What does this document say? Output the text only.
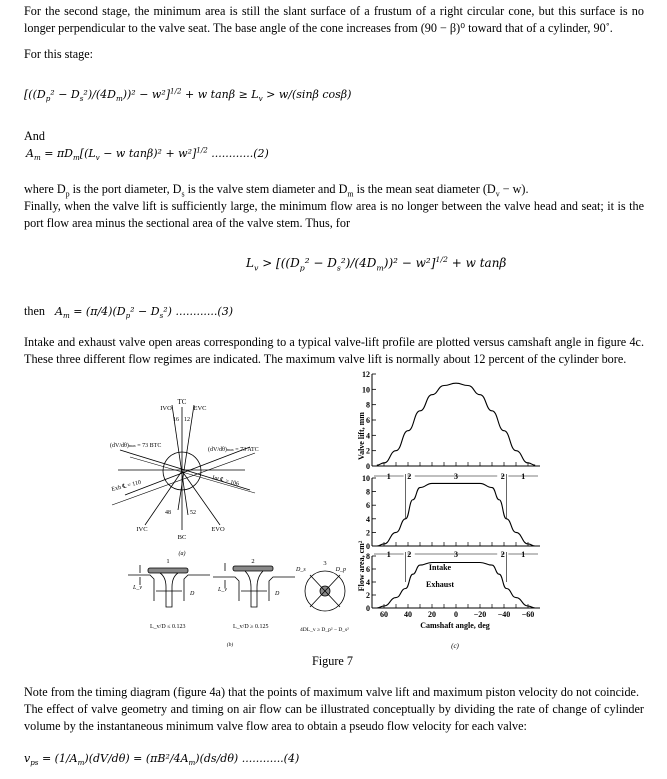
For the second stage, the minimum area is still the slant surface of a frustum of a right circular cone, but this surface is no longer perpendicular to the valve seat. The base angle of the cone increases from (90 − β)⁰ toward that of a cylinder, 90˚.
For this stage:
$[((D_p^2 - D_s^2)/(4D_m))^2 - w^2]^{1/2} + w$ $\tan\beta \ge L_v > w/(\sin\beta$ cosβ)
And
$A_m = \pi D_m[(L_v - w$ tanβ)² + w²]$^{1/2}$ ............(2)
where $D_p$ is the port diameter, $D_s$ is the valve stem diameter and $D_m$ is the mean seat diameter $(D_v - w)$.
Finally, when the valve lift is sufficiently large, the minimum flow area is no longer between the valve head and seat; it is the port flow area minus the sectional area of the valve stem. Thus, for
$L_v > [((D_p^2 - D_s^2)/(4D_m))^2 - w^2]^{1/2} + w$ tanβ
then $A_m = (\pi/4)(D_p^2 - D_s^2)$ ............(3)
Intake and exhaust valve open areas corresponding to a typical valve-lift profile are plotted versus camshaft angle in figure 4c. These three different flow regimes are indicated. The maximum valve lift is normally about 12 percent of the cylinder bore.
TC
IVO	EVC
16 12
(dV/dθ)max = 73 BTC
(dV/dθ)max = 73 ATC
Exh ℄ = 110	Int ℄ = 106
48	52
IVC	EVO
BC
(a)
1	2	3
L_v
D
L_v
D
D_s	D_p
L_v/D ≤ 0.123	L_v/D ≥ 0.125	4DL_v ≥ D_p² − D_s²
(b)
Valve lift, mm
Flow area, cm²
0
2
4
6
8
10
12
0
2
4
6
8
10 1 2	3	2 1
0
2
4
6
8 1 2	3	2 1
60 40 20 0 −20 −40 −60
Intake
Exhaust
Camshaft angle, deg
(c)
Figure 7
Note from the timing diagram (figure 4a) that the points of maximum valve lift and maximum piston velocity do not coincide.
The effect of valve geometry and timing on air flow can be illustrated conceptually by dividing the rate of change of cylinder volume by the instantaneous minimum valve flow area to obtain a pseudo flow velocity for each valve:
$v_{ps} = (1/A_m)(dV/d\theta) = (\pi B^2/4A_m)(ds/d\theta)$ ............(4)
